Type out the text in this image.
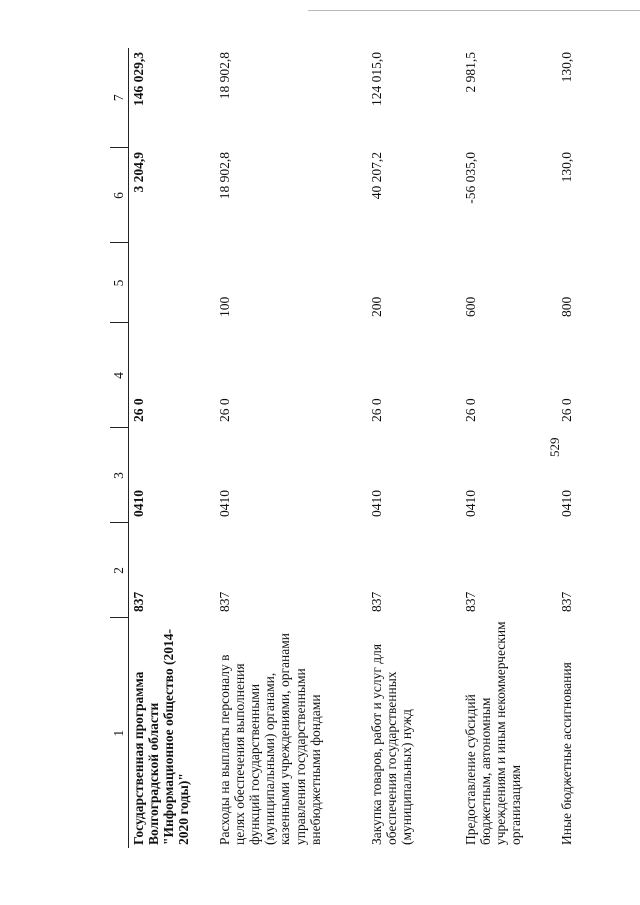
529
1	2	3	4	5	6	7
Государственная программа Волгоградской области "Информационное общество (2014-2020 годы)"	837	0410	26 0		3 204,9	146 029,3
Расходы на выплаты персоналу в целях обеспечения выполнения функций государственными (муниципальными) органами, казенными учреждениями, органами управления государственными внебюджетными фондами	837	0410	26 0	100	18 902,8	18 902,8
Закупка товаров, работ и услуг для обеспечения государственных (муниципальных) нужд	837	0410	26 0	200	40 207,2	124 015,0
Предоставление субсидий бюджетным, автономным учреждениям и иным некоммерческим организациям	837	0410	26 0	600	-56 035,0	2 981,5
Иные бюджетные ассигнования	837	0410	26 0	800	130,0	130,0
